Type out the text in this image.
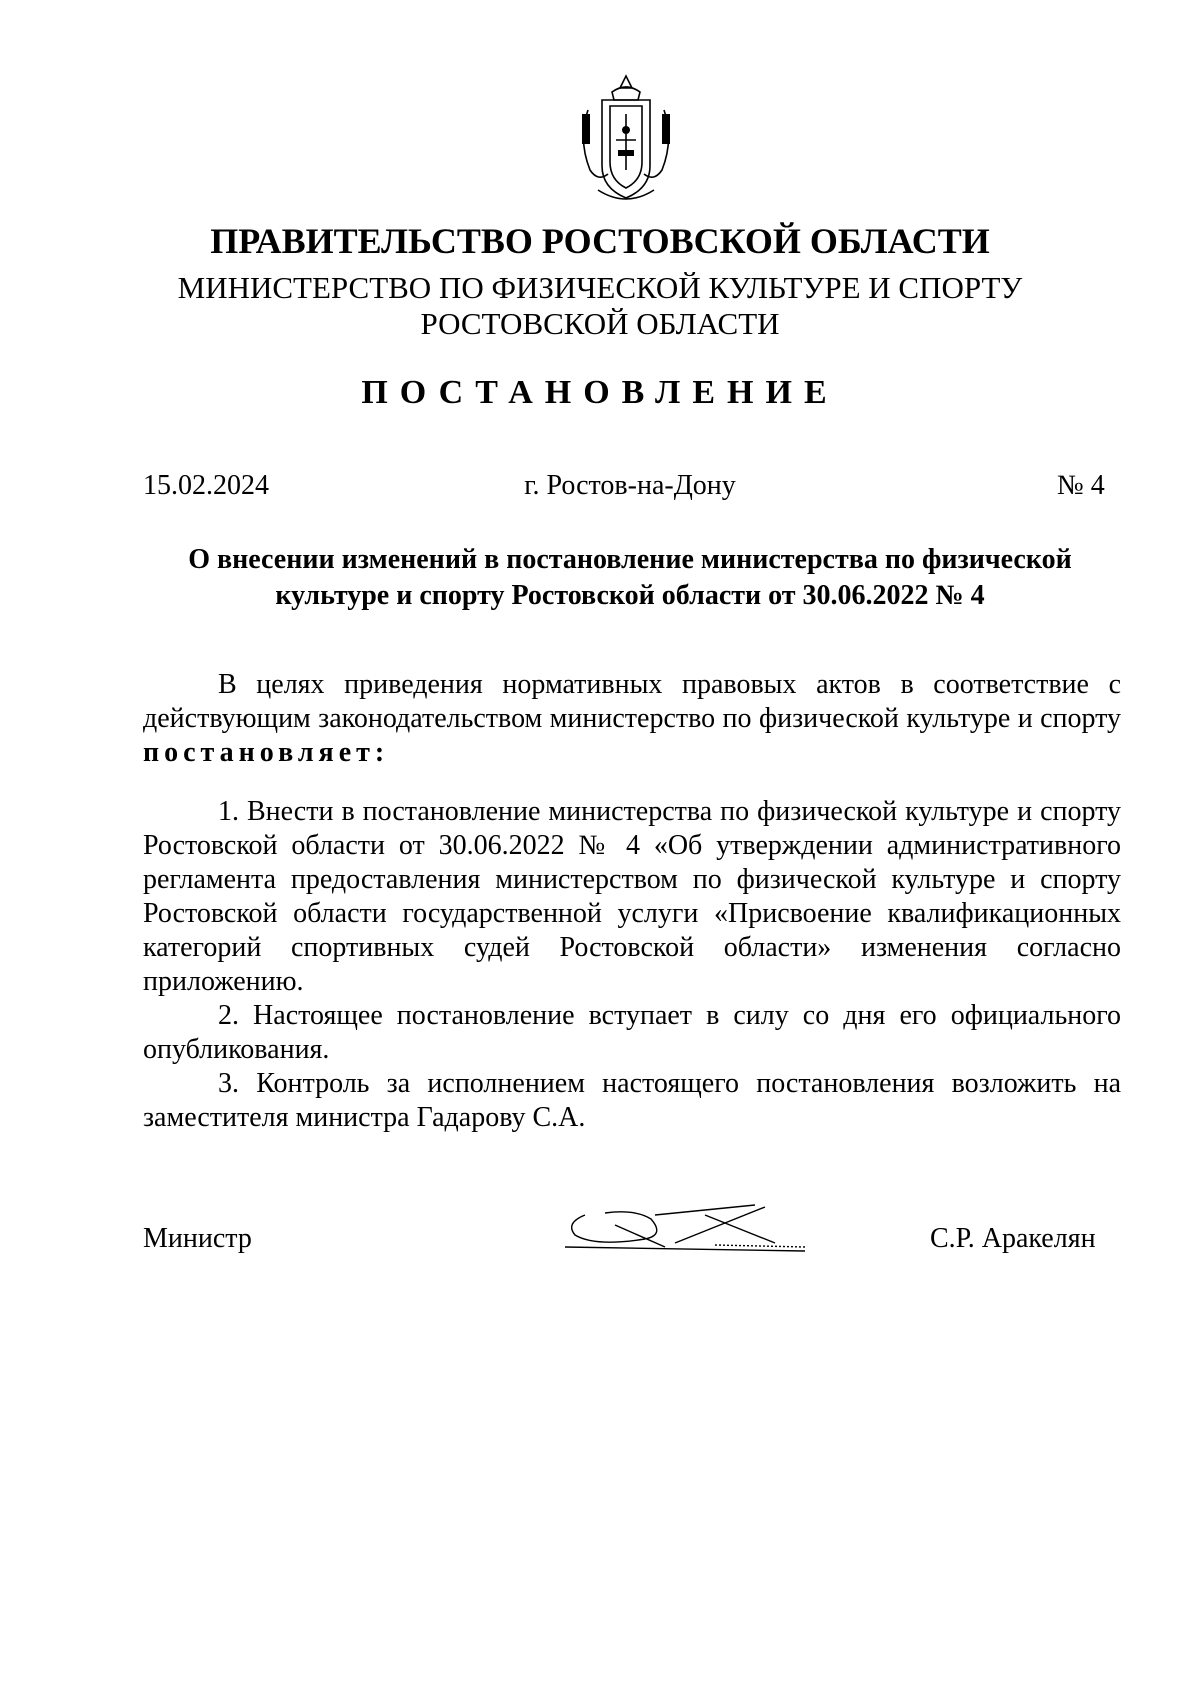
ПРАВИТЕЛЬСТВО РОСТОВСКОЙ ОБЛАСТИ
МИНИСТЕРСТВО ПО ФИЗИЧЕСКОЙ КУЛЬТУРЕ И СПОРТУ
РОСТОВСКОЙ ОБЛАСТИ
ПОСТАНОВЛЕНИЕ
15.02.2024	г. Ростов-на-Дону	№ 4
О внесении изменений в постановление министерства по физической
культуре и спорту Ростовской области от 30.06.2022 № 4

В целях приведения нормативных правовых актов в соответствие с действующим законодательством министерство по физической культуре и спорту постановляет:

1. Внести в постановление министерства по физической культуре и спорту Ростовской области от 30.06.2022 № 4 «Об утверждении административного регламента предоставления министерством по физической культуре и спорту Ростовской области государственной услуги «Присвоение квалификационных категорий спортивных судей Ростовской области» изменения согласно приложению.

2. Настоящее постановление вступает в силу со дня его официального опубликования.

3. Контроль за исполнением настоящего постановления возложить на заместителя министра Гадарову С.А.

Министр	С.Р. Аракелян
